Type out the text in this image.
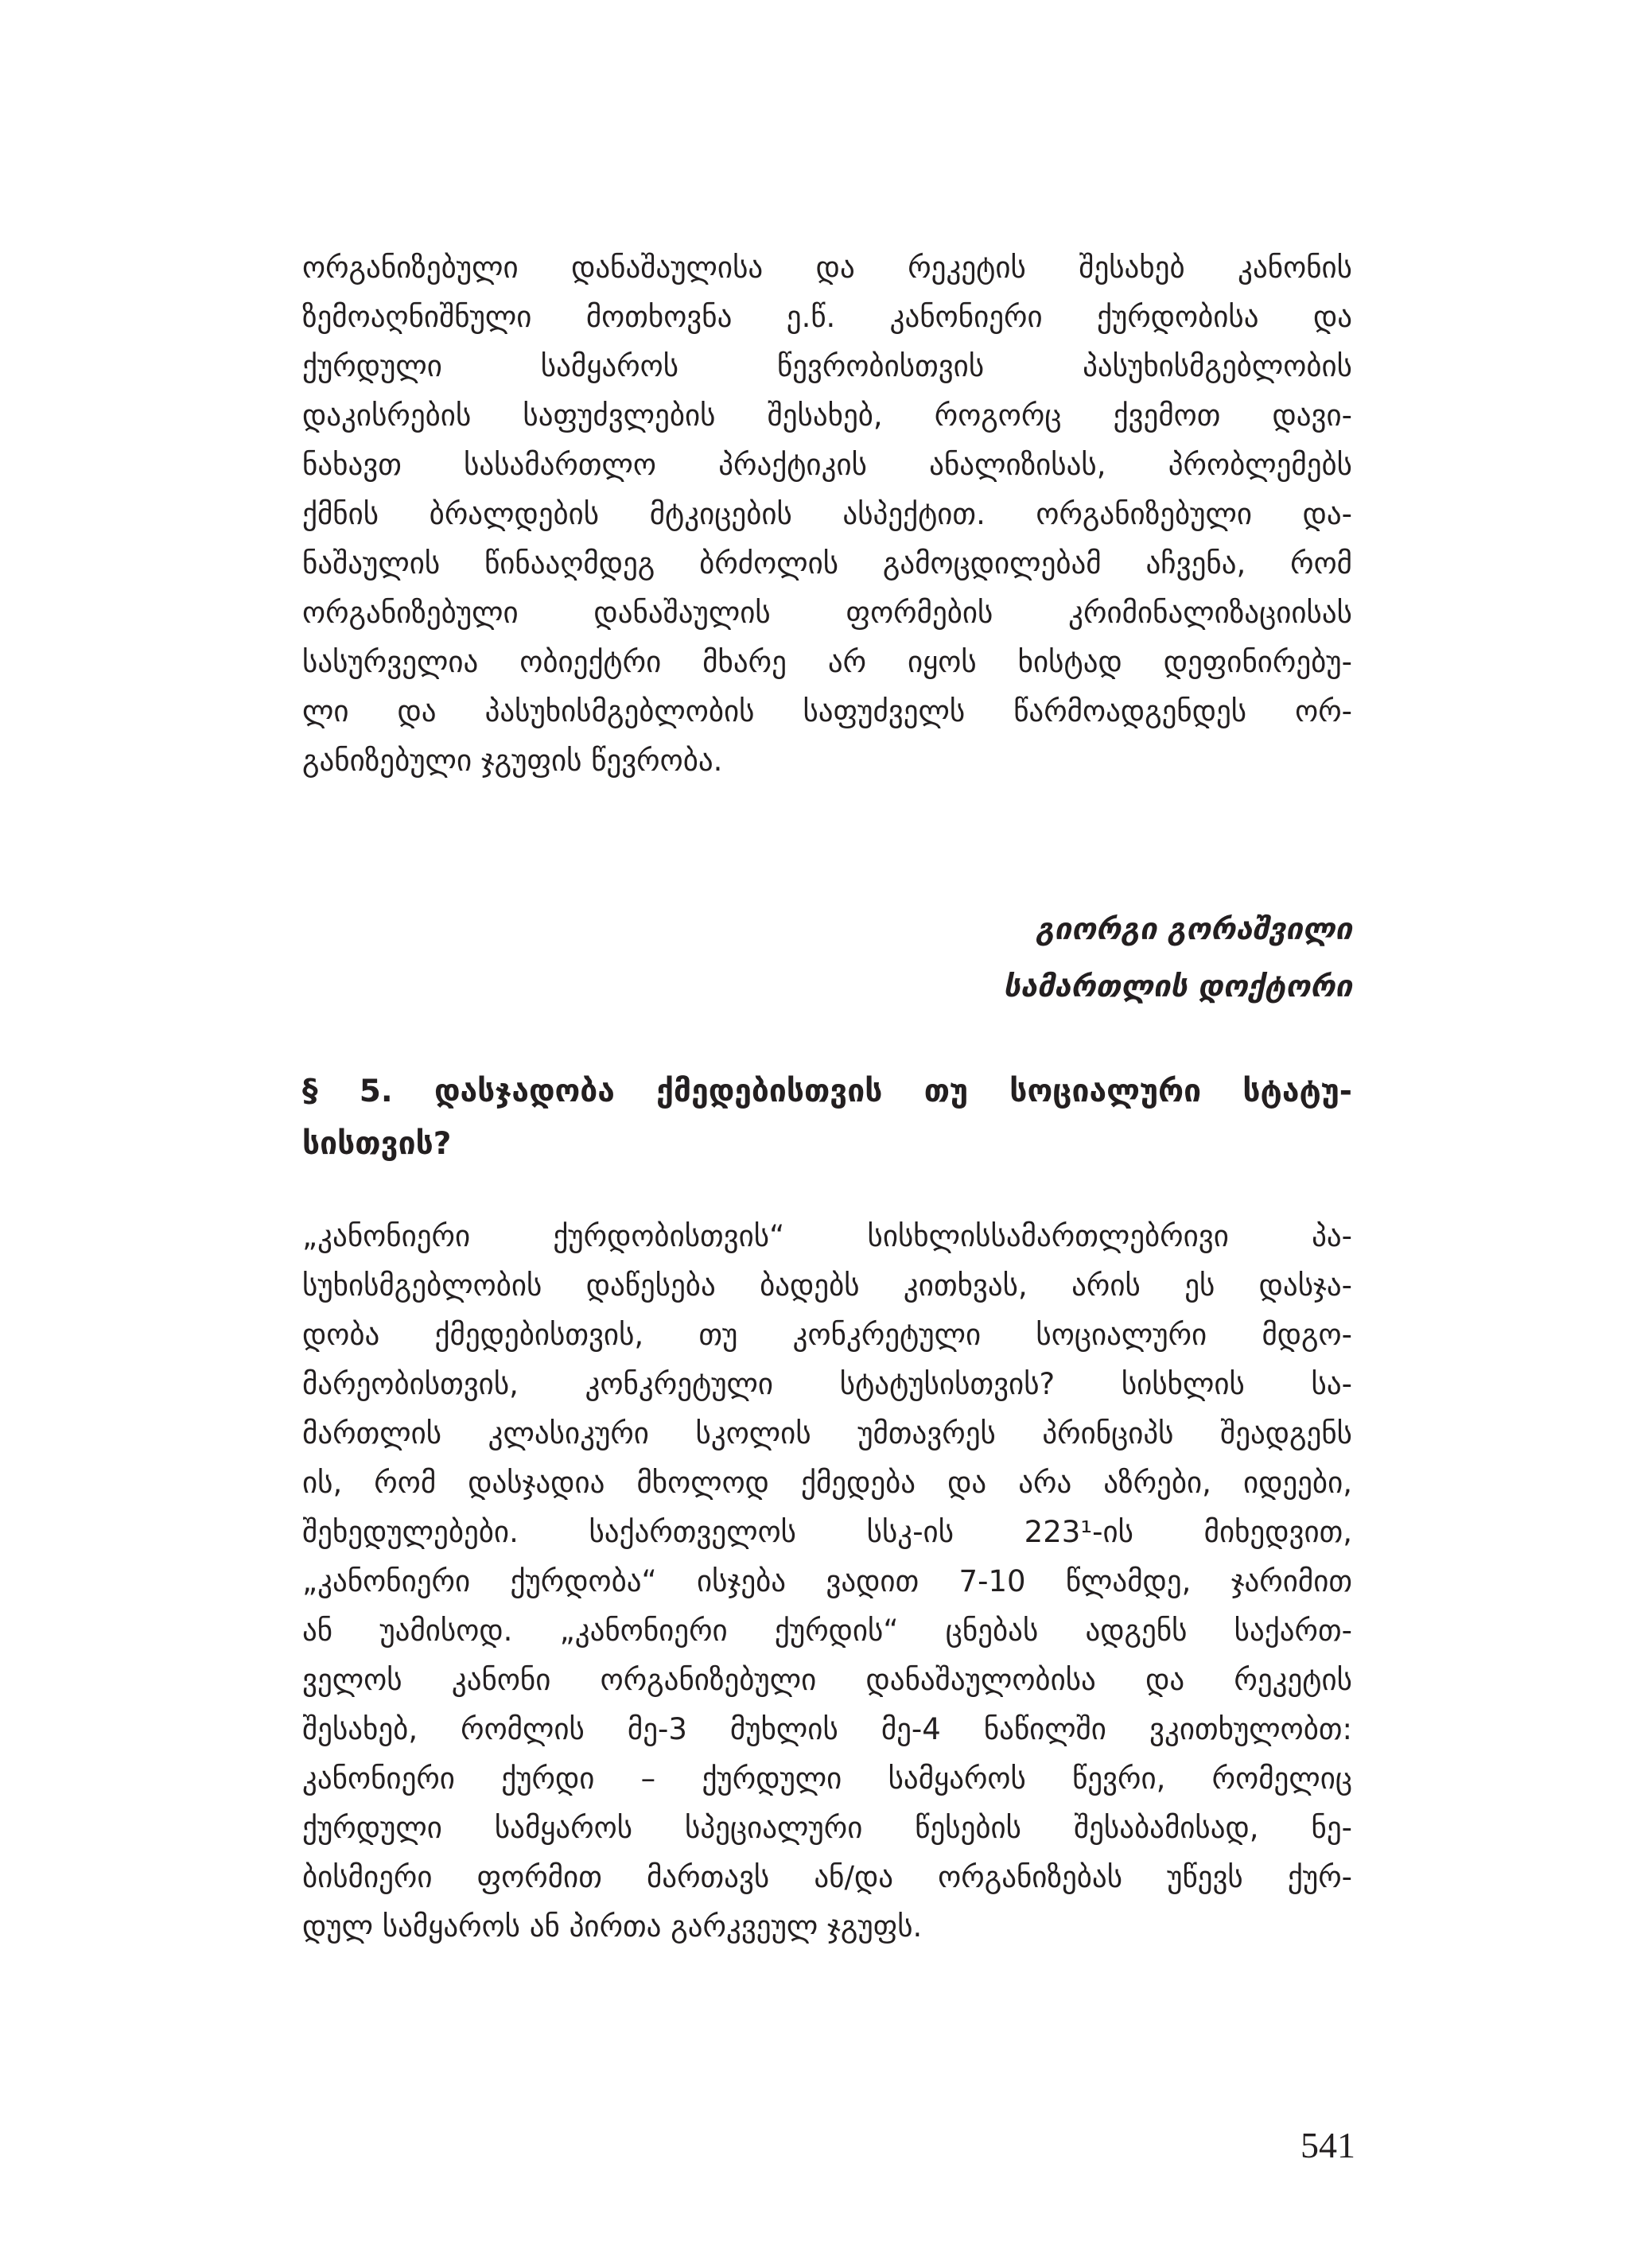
ორგანიზებული დანაშაულისა და რეკეტის შესახებ კანონის
ზემოაღნიშნული მოთხოვნა ე.წ. კანონიერი ქურდობისა და
ქურდული სამყაროს წევრობისთვის პასუხისმგებლობის
დაკისრების საფუძვლების შესახებ, როგორც ქვემოთ დავი-
ნახავთ სასამართლო პრაქტიკის ანალიზისას, პრობლემებს
ქმნის ბრალდების მტკიცების ასპექტით. ორგანიზებული და-
ნაშაულის წინააღმდეგ ბრძოლის გამოცდილებამ აჩვენა, რომ
ორგანიზებული დანაშაულის ფორმების კრიმინალიზაციისას
სასურველია ობიექტრი მხარე არ იყოს ხისტად დეფინირებუ-
ლი და პასუხისმგებლობის საფუძველს წარმოადგენდეს ორ-
განიზებული ჯგუფის წევრობა.
გიორგი გორაშვილი
სამართლის დოქტორი
§ 5. დასჯადობა ქმედებისთვის თუ სოციალური სტატუ-
სისთვის?
„კანონიერი ქურდობისთვის“ სისხლისსამართლებრივი პა-
სუხისმგებლობის დაწესება ბადებს კითხვას, არის ეს დასჯა-
დობა ქმედებისთვის, თუ კონკრეტული სოციალური მდგო-
მარეობისთვის, კონკრეტული სტატუსისთვის? სისხლის სა-
მართლის კლასიკური სკოლის უმთავრეს პრინციპს შეადგენს
ის, რომ დასჯადია მხოლოდ ქმედება და არა აზრები, იდეები,
შეხედულებები. საქართველოს სსკ-ის 223¹-ის მიხედვით,
„კანონიერი ქურდობა“ ისჯება ვადით 7-10 წლამდე, ჯარიმით
ან უამისოდ. „კანონიერი ქურდის“ ცნებას ადგენს საქართ-
ველოს კანონი ორგანიზებული დანაშაულობისა და რეკეტის
შესახებ, რომლის მე-3 მუხლის მე-4 ნაწილში ვკითხულობთ:
კანონიერი ქურდი – ქურდული სამყაროს წევრი, რომელიც
ქურდული სამყაროს სპეციალური წესების შესაბამისად, ნე-
ბისმიერი ფორმით მართავს ან/და ორგანიზებას უწევს ქურ-
დულ სამყაროს ან პირთა გარკვეულ ჯგუფს.
541
